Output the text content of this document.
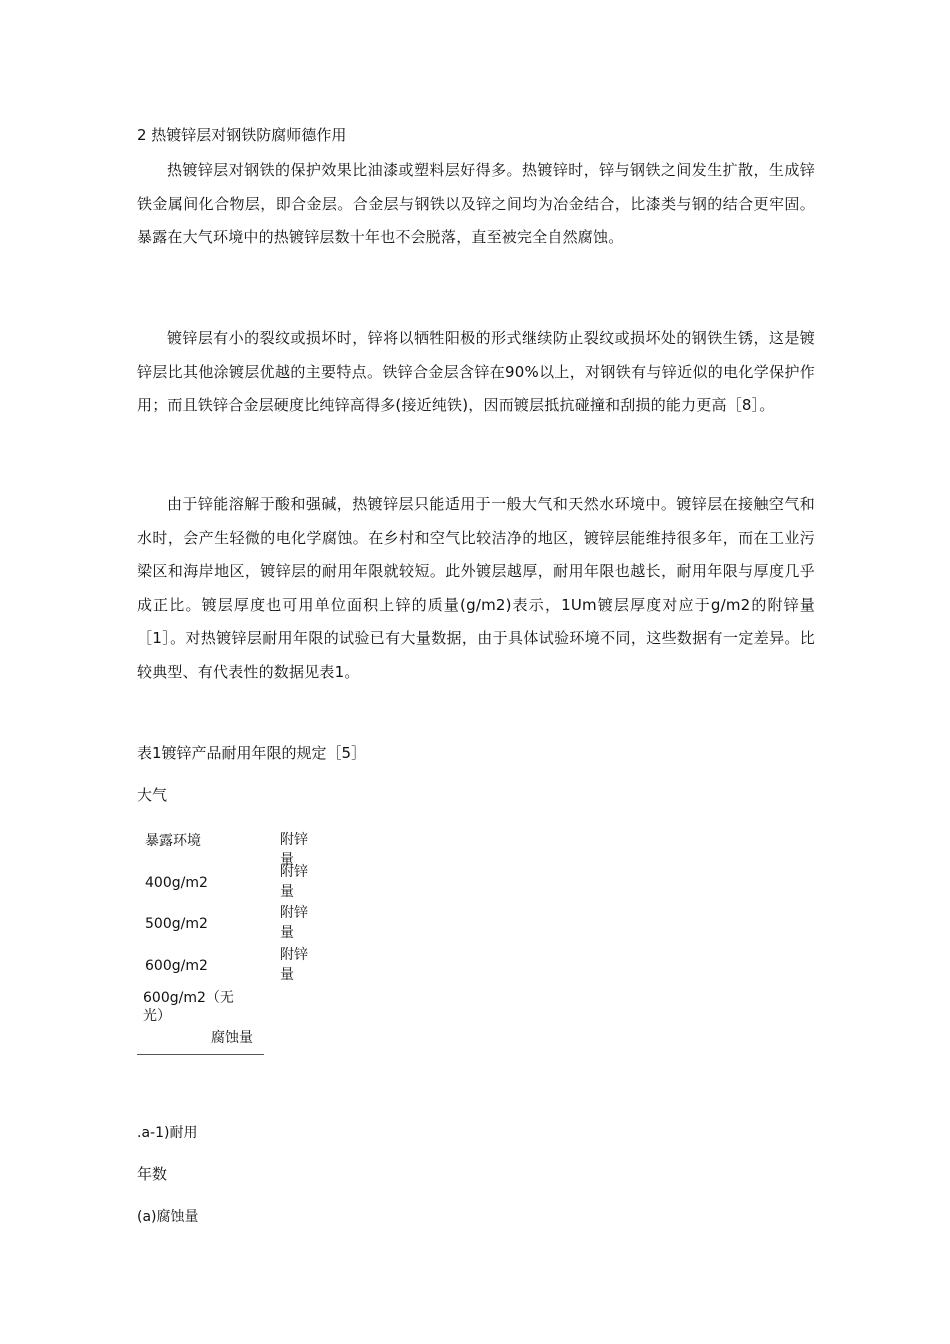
2 热镀锌层对钢铁防腐师德作用

热镀锌层对钢铁的保护效果比油漆或塑料层好得多。热镀锌时，锌与钢铁之间发生扩散，生成锌铁金属间化合物层，即合金层。合金层与钢铁以及锌之间均为冶金结合，比漆类与钢的结合更牢固。暴露在大气环境中的热镀锌层数十年也不会脱落，直至被完全自然腐蚀。

镀锌层有小的裂纹或损坏时，锌将以牺牲阳极的形式继续防止裂纹或损坏处的钢铁生锈，这是镀锌层比其他涂镀层优越的主要特点。铁锌合金层含锌在90%以上，对钢铁有与锌近似的电化学保护作用；而且铁锌合金层硬度比纯锌高得多(接近纯铁)，因而镀层抵抗碰撞和刮损的能力更高［8］。

由于锌能溶解于酸和强碱，热镀锌层只能适用于一般大气和天然水环境中。镀锌层在接触空气和水时，会产生轻微的电化学腐蚀。在乡村和空气比较洁净的地区，镀锌层能维持很多年，而在工业污梁区和海岸地区，镀锌层的耐用年限就较短。此外镀层越厚，耐用年限也越长，耐用年限与厚度几乎成正比。镀层厚度也可用单位面积上锌的质量(g/m2)表示，1Um镀层厚度对应于g/m2的附锌量［1］。对热镀锌层耐用年限的试验已有大量数据，由于具体试验环境不同，这些数据有一定差异。比较典型、有代表性的数据见表1。

表1镀锌产品耐用年限的规定［5］
大气
暴露环境	附锌量
400g/m2
附锌量
500g/m2
附锌量
600g/m2
附锌量
600g/m2（无光）
腐蚀量
.a-1)耐用
年数
(a)腐蚀量
